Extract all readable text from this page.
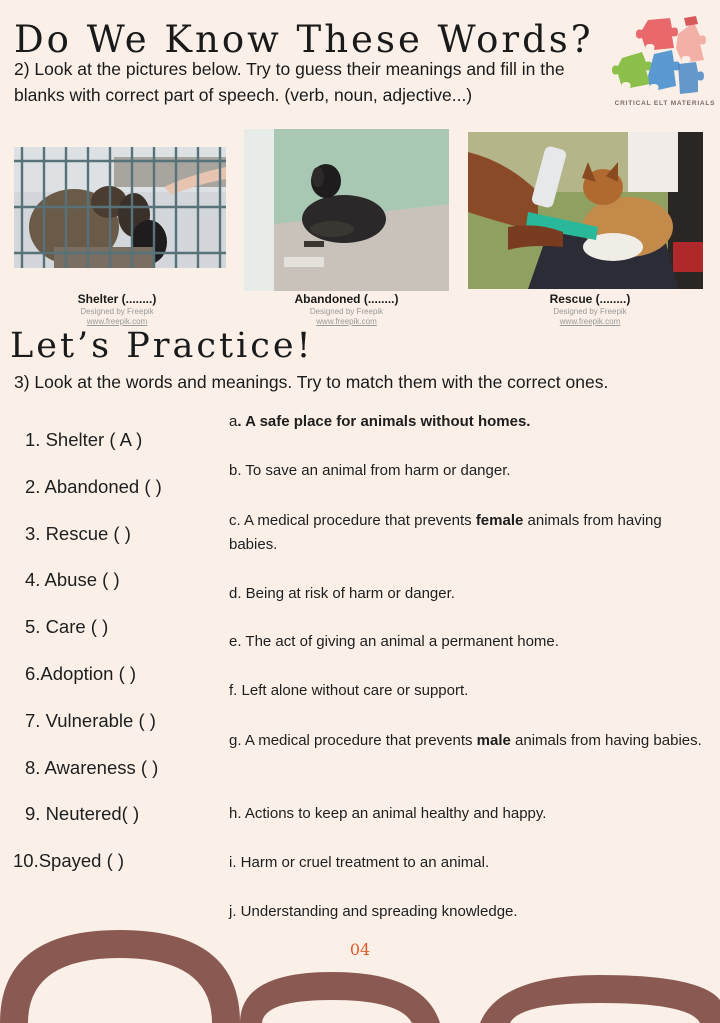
Do We Know These Words?
2) Look at the pictures below. Try to guess their meanings and fill in the blanks with correct part of speech. (verb, noun, adjective...)	CRITICAL ELT MATERIALS
Shelter (........)
Designed by Freepik
www.freepik.com
Abandoned (........)
Designed by Freepik
www.freepik.com
Rescue (........)
Designed by Freepik
www.freepik.com
Let’s Practice!
3) Look at the words and meanings. Try to match them with the correct ones.
1. Shelter ( A )
2. Abandoned ( )
3. Rescue ( )
4. Abuse ( )
5. Care ( )
6.Adoption ( )
7. Vulnerable ( )
8. Awareness ( )
9. Neutered( )
10.Spayed ( )
a. A safe place for animals without homes.
b. To save an animal from harm or danger.
c. A medical procedure that prevents female animals from having babies.
d. Being at risk of harm or danger.
e. The act of giving an animal a permanent home.
f. Left alone without care or support.
g. A medical procedure that prevents male animals from having babies.
h. Actions to keep an animal healthy and happy.
i. Harm or cruel treatment to an animal.
j. Understanding and spreading knowledge.
04
